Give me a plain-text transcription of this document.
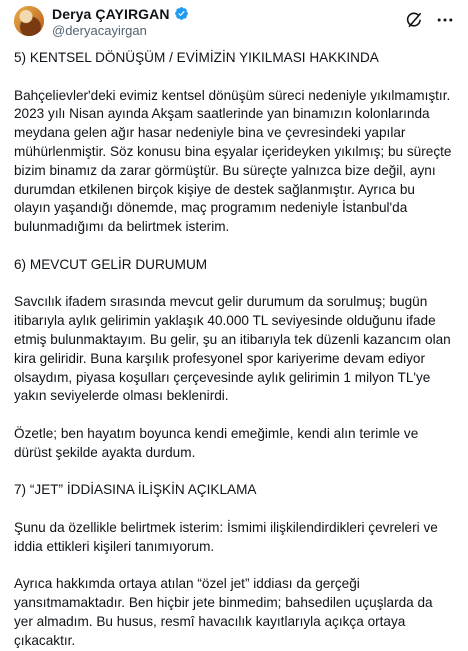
Derya ÇAYIRGAN
@deryacayirgan

5) KENTSEL DÖNÜŞÜM / EVİMİZİN YIKILMASI HAKKINDA

Bahçelievler'deki evimiz kentsel dönüşüm süreci nedeniyle yıkılmamıştır. 2023 yılı Nisan ayında Akşam saatlerinde yan binamızın kolonlarında meydana gelen ağır hasar nedeniyle bina ve çevresindeki yapılar mühürlenmiştir. Söz konusu bina eşyalar içerideyken yıkılmış; bu süreçte bizim binamız da zarar görmüştür. Bu süreçte yalnızca bize değil, aynı durumdan etkilenen birçok kişiye de destek sağlanmıştır. Ayrıca bu olayın yaşandığı dönemde, maç programım nedeniyle İstanbul'da bulunmadığımı da belirtmek isterim.

6) MEVCUT GELİR DURUMUM

Savcılık ifadem sırasında mevcut gelir durumum da sorulmuş; bugün itibarıyla aylık gelirimin yaklaşık 40.000 TL seviyesinde olduğunu ifade etmiş bulunmaktayım. Bu gelir, şu an itibarıyla tek düzenli kazancım olan kira geliridir. Buna karşılık profesyonel spor kariyerime devam ediyor olsaydım, piyasa koşulları çerçevesinde aylık gelirimin 1 milyon TL'ye yakın seviyelerde olması beklenirdi.

Özetle; ben hayatım boyunca kendi emeğimle, kendi alın terimle ve dürüst şekilde ayakta durdum.

7) “JET” İDDİASINA İLİŞKİN AÇIKLAMA

Şunu da özellikle belirtmek isterim: İsmimi ilişkilendirdikleri çevreleri ve iddia ettikleri kişileri tanımıyorum.

Ayrıca hakkımda ortaya atılan “özel jet” iddiası da gerçeği yansıtmamaktadır. Ben hiçbir jete binmedim; bahsedilen uçuşlarda da yer almadım. Bu husus, resmî havacılık kayıtlarıyla açıkça ortaya çıkacaktır.
